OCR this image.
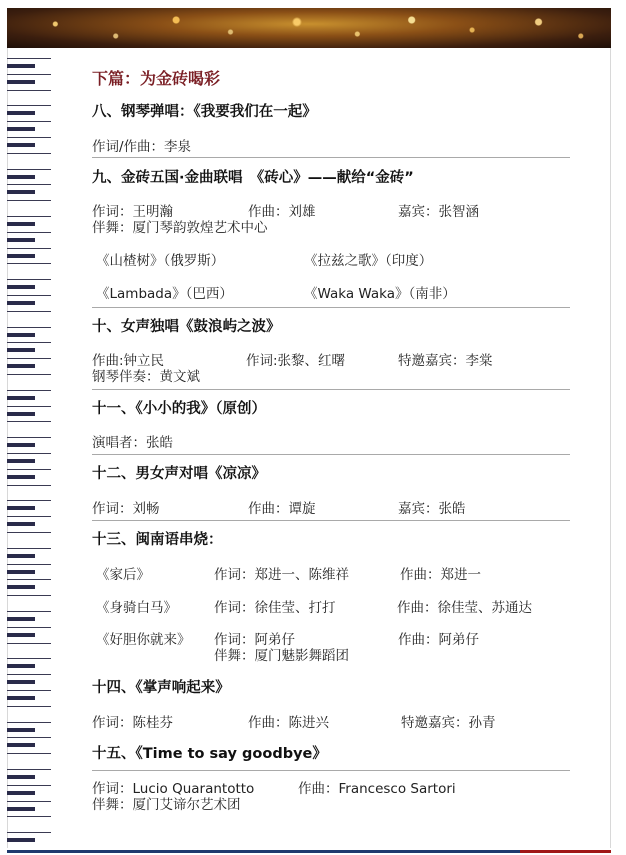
下篇：为金砖喝彩
八、钢琴弹唱：《我要我们在一起》
作词/作曲：李泉
九、金砖五国·金曲联唱　《砖心》——献给“金砖”
作词：王明瀚	作曲：刘雄	嘉宾：张智涵
伴舞：厦门琴韵敦煌艺术中心
《山楂树》（俄罗斯）	《拉兹之歌》（印度）
《Lambada》（巴西）	《Waka Waka》（南非）
十、女声独唱《鼓浪屿之波》
作曲:钟立民	作词:张黎、红曙	特邀嘉宾：李棠
钢琴伴奏：黄文斌
十一、《小小的我》（原创）
演唱者：张皓
十二、男女声对唱《凉凉》
作词：刘畅	作曲：谭旋	嘉宾：张皓
十三、闽南语串烧：
《家后》	作词：郑进一、陈维祥	作曲：郑进一
《身骑白马》	作词：徐佳莹、打打	作曲：徐佳莹、苏通达
《好胆你就来》 作词：阿弟仔	作曲：阿弟仔
伴舞：厦门魅影舞蹈团
十四、《掌声响起来》
作词：陈桂芬	作曲：陈进兴	特邀嘉宾：孙青
十五、《Time to say goodbye》
作词：Lucio Quarantotto	作曲：Francesco Sartori
伴舞：厦门艾谛尔艺术团
